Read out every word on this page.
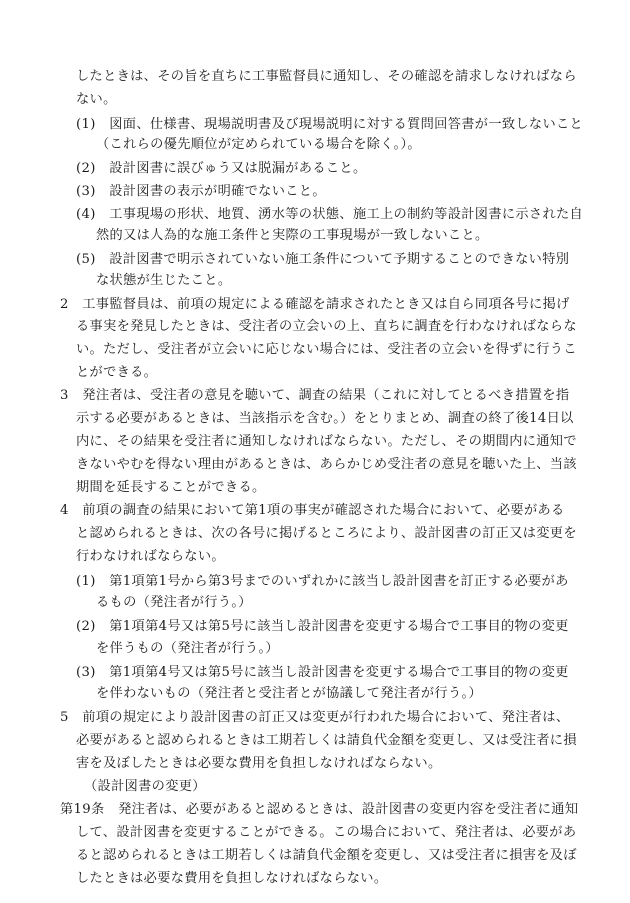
したときは、その旨を直ちに工事監督員に通知し、その確認を請求しなければなら
ない。
(1)　図面、仕様書、現場説明書及び現場説明に対する質問回答書が一致しないこと
（これらの優先順位が定められている場合を除く。）。
(2)　設計図書に誤びゅう又は脱漏があること。
(3)　設計図書の表示が明確でないこと。
(4)　工事現場の形状、地質、湧水等の状態、施工上の制約等設計図書に示された自
然的又は人為的な施工条件と実際の工事現場が一致しないこと。
(5)　設計図書で明示されていない施工条件について予期することのできない特別
な状態が生じたこと。
2　工事監督員は、前項の規定による確認を請求されたとき又は自ら同項各号に掲げ
る事実を発見したときは、受注者の立会いの上、直ちに調査を行わなければならな
い。ただし、受注者が立会いに応じない場合には、受注者の立会いを得ずに行うこ
とができる。
3　発注者は、受注者の意見を聴いて、調査の結果（これに対してとるべき措置を指
示する必要があるときは、当該指示を含む。）をとりまとめ、調査の終了後14日以
内に、その結果を受注者に通知しなければならない。ただし、その期間内に通知で
きないやむを得ない理由があるときは、あらかじめ受注者の意見を聴いた上、当該
期間を延長することができる。
4　前項の調査の結果において第1項の事実が確認された場合において、必要がある
と認められるときは、次の各号に掲げるところにより、設計図書の訂正又は変更を
行わなければならない。
(1)　第1項第1号から第3号までのいずれかに該当し設計図書を訂正する必要があ
るもの（発注者が行う。）
(2)　第1項第4号又は第5号に該当し設計図書を変更する場合で工事目的物の変更
を伴うもの（発注者が行う。）
(3)　第1項第4号又は第5号に該当し設計図書を変更する場合で工事目的物の変更
を伴わないもの（発注者と受注者とが協議して発注者が行う。）
5　前項の規定により設計図書の訂正又は変更が行われた場合において、発注者は、
必要があると認められるときは工期若しくは請負代金額を変更し、又は受注者に損
害を及ぼしたときは必要な費用を負担しなければならない。
（設計図書の変更）
第19条　発注者は、必要があると認めるときは、設計図書の変更内容を受注者に通知
して、設計図書を変更することができる。この場合において、発注者は、必要があ
ると認められるときは工期若しくは請負代金額を変更し、又は受注者に損害を及ぼ
したときは必要な費用を負担しなければならない。
